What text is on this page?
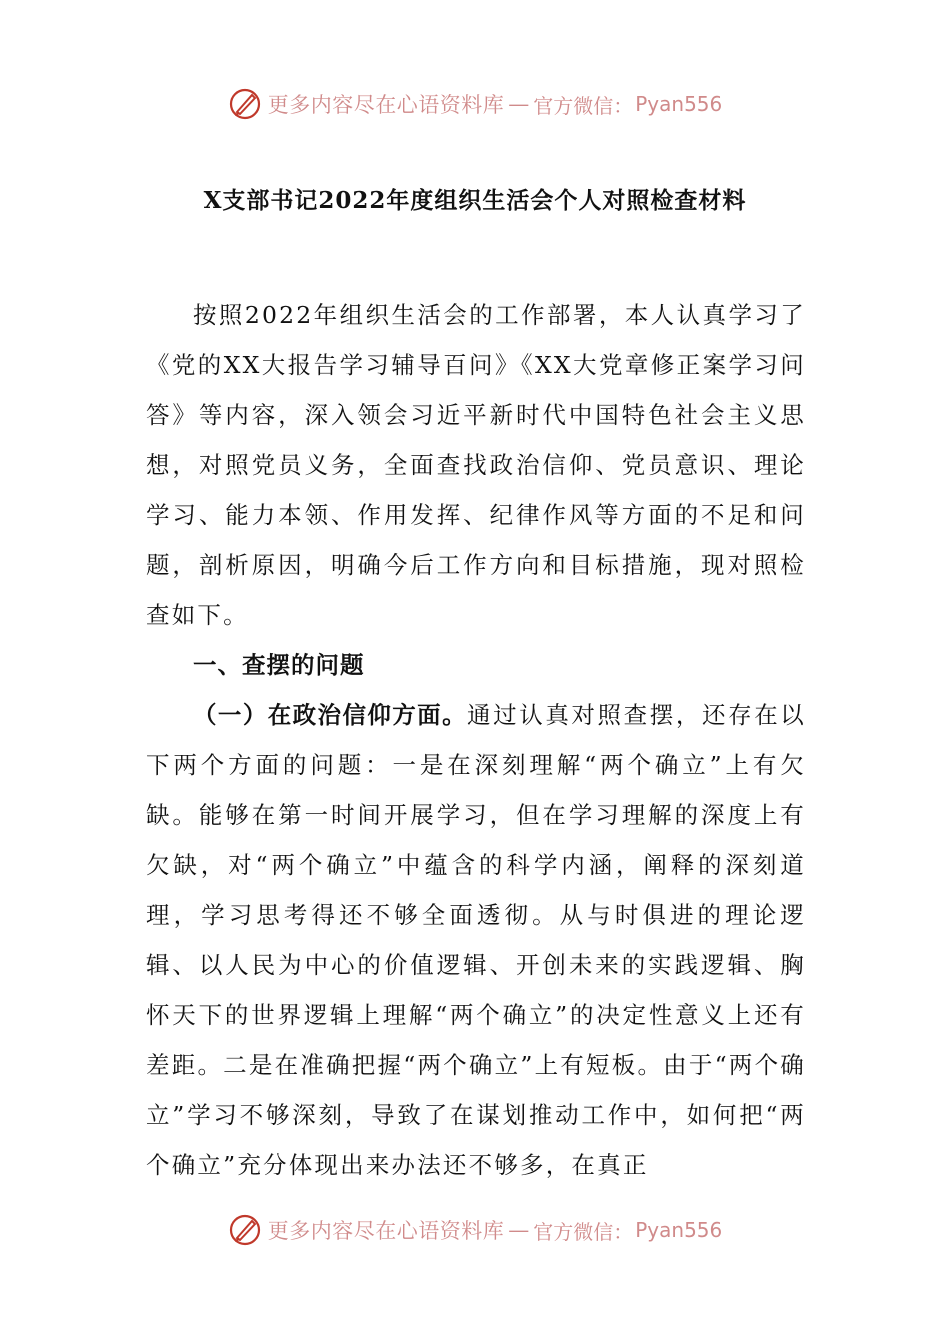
更多内容尽在心语资料库 — 官方微信： Pyan556
X支部书记2022年度组织生活会个人对照检查材料

按照2022年组织生活会的工作部署，本人认真学习了《党的XX大报告学习辅导百问》《XX大党章修正案学习问答》等内容，深入领会习近平新时代中国特色社会主义思想，对照党员义务，全面查找政治信仰、党员意识、理论学习、能力本领、作用发挥、纪律作风等方面的不足和问题，剖析原因，明确今后工作方向和目标措施，现对照检查如下。

一、查摆的问题

（一）在政治信仰方面。通过认真对照查摆，还存在以下两个方面的问题：一是在深刻理解“两个确立”上有欠缺。能够在第一时间开展学习，但在学习理解的深度上有欠缺，对“两个确立”中蕴含的科学内涵，阐释的深刻道理，学习思考得还不够全面透彻。从与时俱进的理论逻辑、以人民为中心的价值逻辑、开创未来的实践逻辑、胸怀天下的世界逻辑上理解“两个确立”的决定性意义上还有差距。二是在准确把握“两个确立”上有短板。由于“两个确立”学习不够深刻，导致了在谋划推动工作中，如何把“两个确立”充分体现出来办法还不够多，在真正

更多内容尽在心语资料库 — 官方微信： Pyan556
